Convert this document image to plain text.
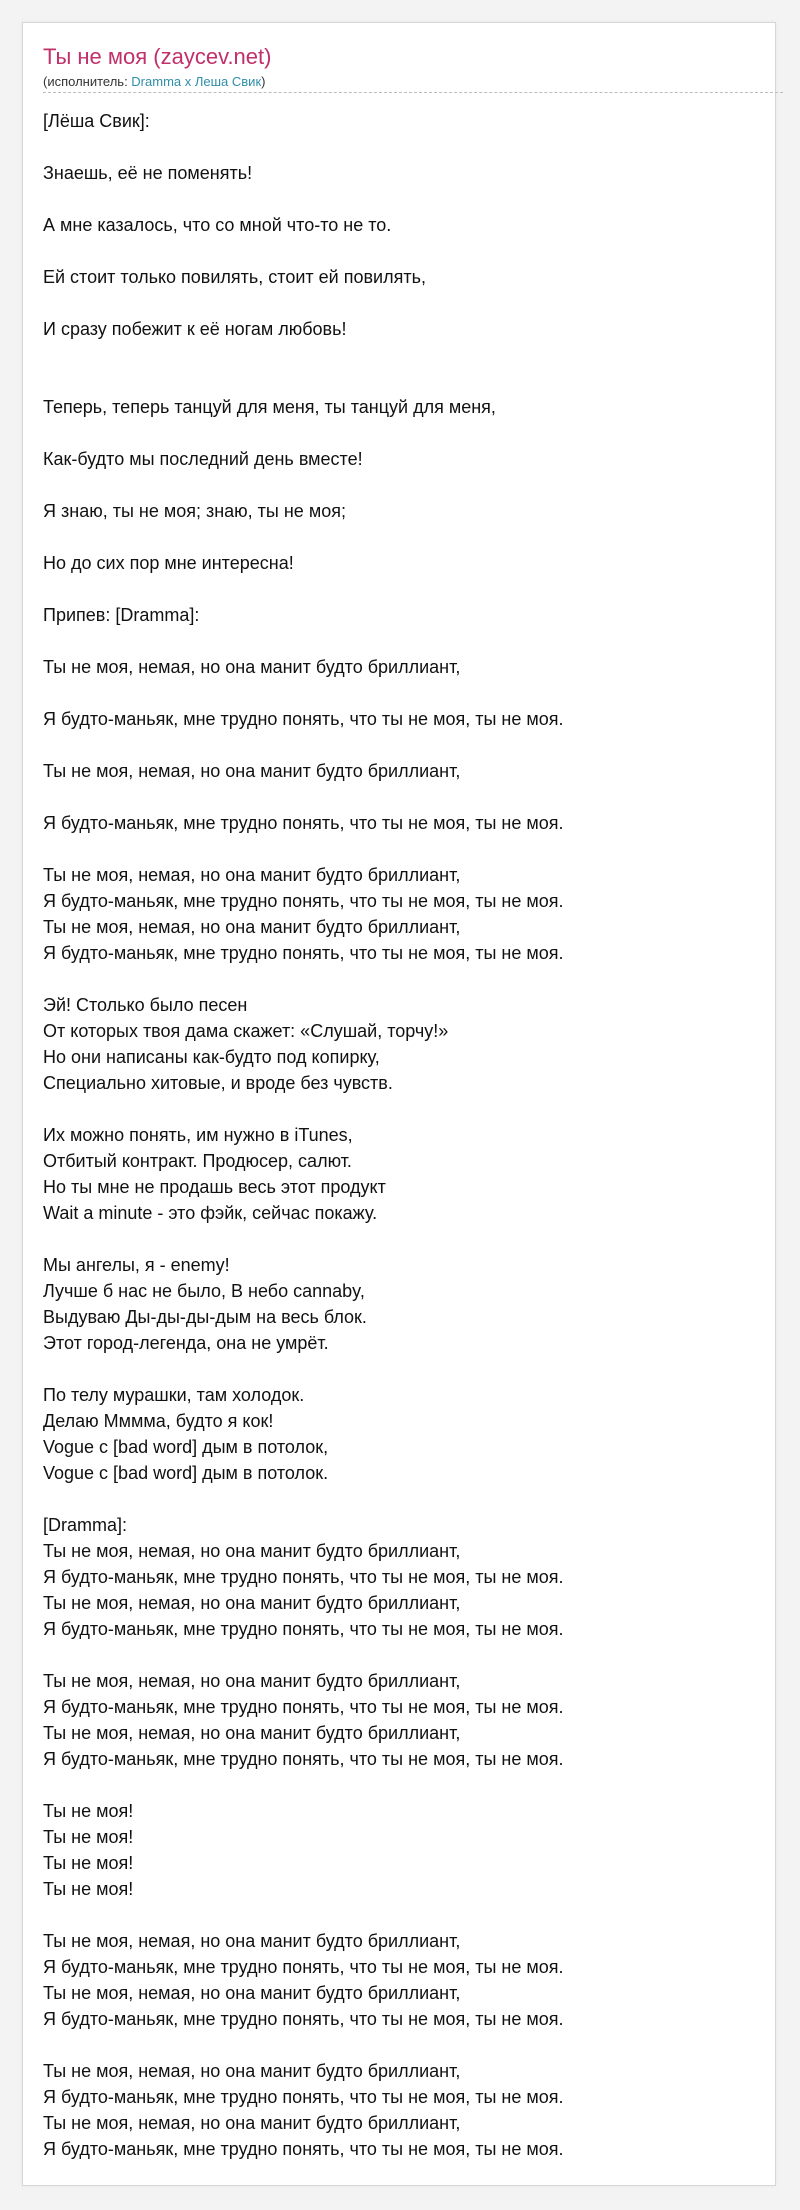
Ты не моя (zaycev.net)
(исполнитель: Dramma x Леша Свик)
[Лёша Свик]:
Знаешь, её не поменять!
А мне казалось, что со мной что-то не то.
Ей стоит только повилять, стоит ей повилять,
И сразу побежит к её ногам любовь!
Теперь, теперь танцуй для меня, ты танцуй для меня,
Как-будто мы последний день вместе!
Я знаю, ты не моя; знаю, ты не моя;
Но до сих пор мне интересна!
Припев: [Dramma]:
Ты не моя, немая, но она манит будто бриллиант,
Я будто-маньяк, мне трудно понять, что ты не моя, ты не моя.
Ты не моя, немая, но она манит будто бриллиант,
Я будто-маньяк, мне трудно понять, что ты не моя, ты не моя.
Ты не моя, немая, но она манит будто бриллиант,
Я будто-маньяк, мне трудно понять, что ты не моя, ты не моя.
Ты не моя, немая, но она манит будто бриллиант,
Я будто-маньяк, мне трудно понять, что ты не моя, ты не моя.
Эй! Столько было песен
От которых твоя дама скажет: «Слушай, торчу!»
Но они написаны как-будто под копирку,
Специально хитовые, и вроде без чувств.
Их можно понять, им нужно в iTunes,
Отбитый контракт. Продюсер, салют.
Но ты мне не продашь весь этот продукт
Wait a minute - это фэйк, сейчас покажу.
Мы ангелы, я - enemy!
Лучше б нас не было, В небо cannaby,
Выдуваю Ды-ды-ды-дым на весь блок.
Этот город-легенда, она не умрёт.
По телу мурашки, там холодок.
Делаю Мммма, будто я кок!
Vogue с [bad word] дым в потолок,
Vogue с [bad word] дым в потолок.
[Dramma]:
Ты не моя, немая, но она манит будто бриллиант,
Я будто-маньяк, мне трудно понять, что ты не моя, ты не моя.
Ты не моя, немая, но она манит будто бриллиант,
Я будто-маньяк, мне трудно понять, что ты не моя, ты не моя.
Ты не моя, немая, но она манит будто бриллиант,
Я будто-маньяк, мне трудно понять, что ты не моя, ты не моя.
Ты не моя, немая, но она манит будто бриллиант,
Я будто-маньяк, мне трудно понять, что ты не моя, ты не моя.
Ты не моя!
Ты не моя!
Ты не моя!
Ты не моя!
Ты не моя, немая, но она манит будто бриллиант,
Я будто-маньяк, мне трудно понять, что ты не моя, ты не моя.
Ты не моя, немая, но она манит будто бриллиант,
Я будто-маньяк, мне трудно понять, что ты не моя, ты не моя.
Ты не моя, немая, но она манит будто бриллиант,
Я будто-маньяк, мне трудно понять, что ты не моя, ты не моя.
Ты не моя, немая, но она манит будто бриллиант,
Я будто-маньяк, мне трудно понять, что ты не моя, ты не моя.
